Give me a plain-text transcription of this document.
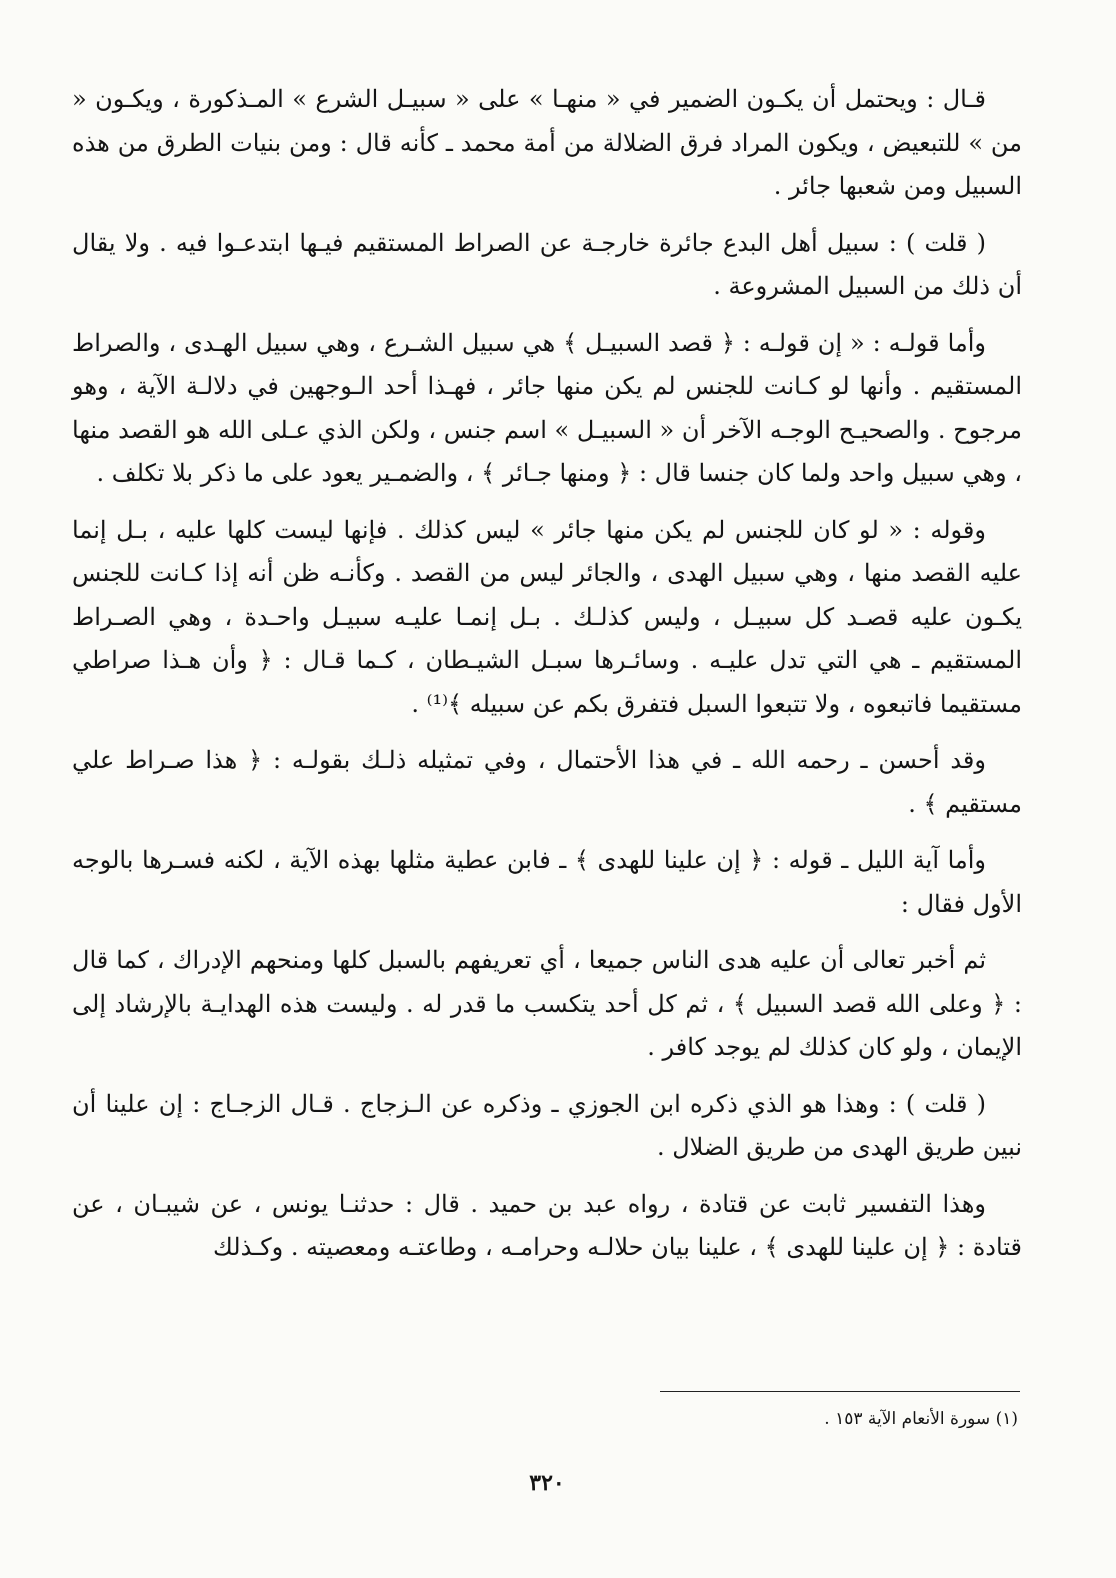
قـال : ويحتمل أن يكـون الضمير في « منهـا » على « سبيـل الشرع » المـذكورة ، ويكـون « من » للتبعيض ، ويكون المراد فرق الضلالة من أمة محمد ـ كأنه قال : ومن بنيات الطرق من هذه السبيل ومن شعبها جائر .

( قلت ) : سبيل أهل البدع جائرة خارجـة عن الصراط المستقيم فيـها ابتدعـوا فيه . ولا يقال أن ذلك من السبيل المشروعة .

وأما قولـه : « إن قولـه : ﴿ قصد السبيـل ﴾ هي سبيل الشـرع ، وهي سبيل الهـدى ، والصراط المستقيم . وأنها لو كـانت للجنس لم يكن منها جائر ، فهـذا أحد الـوجهين في دلالـة الآية ، وهو مرجوح . والصحيـح الوجـه الآخر أن « السبيـل » اسم جنس ، ولكن الذي عـلى الله هو القصد منها ، وهي سبيل واحد ولما كان جنسا قال : ﴿ ومنها جـائر ﴾ ، والضمـير يعود على ما ذكر بلا تكلف .

وقوله : « لو كان للجنس لم يكن منها جائر » ليس كذلك . فإنها ليست كلها عليه ، بـل إنما عليه القصد منها ، وهي سبيل الهدى ، والجائر ليس من القصد . وكأنـه ظن أنه إذا كـانت للجنس يكـون عليه قصـد كل سبيـل ، وليس كذلـك . بـل إنمـا عليـه سبيـل واحـدة ، وهي الصـراط المستقيم ـ هي التي تدل عليـه . وسائـرها سبـل الشيـطان ، كـما قـال : ﴿ وأن هـذا صراطي مستقيما فاتبعوه ، ولا تتبعوا السبل فتفرق بكم عن سبيله ﴾⁽¹⁾ .

وقد أحسن ـ رحمه الله ـ في هذا الأحتمال ، وفي تمثيله ذلـك بقولـه : ﴿ هذا صـراط علي مستقيم ﴾ .

وأما آية الليل ـ قوله : ﴿ إن علينا للهدى ﴾ ـ فابن عطية مثلها بهذه الآية ، لكنه فسـرها بالوجه الأول فقال :

ثم أخبر تعالى أن عليه هدى الناس جميعا ، أي تعريفهم بالسبل كلها ومنحهم الإدراك ، كما قال : ﴿ وعلى الله قصد السبيل ﴾ ، ثم كل أحد يتكسب ما قدر له . وليست هذه الهدايـة بالإرشاد إلى الإيمان ، ولو كان كذلك لم يوجد كافر .

( قلت ) : وهذا هو الذي ذكره ابن الجوزي ـ وذكره عن الـزجاج . قـال الزجـاج : إن علينا أن نبين طريق الهدى من طريق الضلال .

وهذا التفسير ثابت عن قتادة ، رواه عبد بن حميد . قال : حدثنـا يونس ، عن شيبـان ، عن قتادة : ﴿ إن علينا للهدى ﴾ ، علينا بيان حلالـه وحرامـه ، وطاعتـه ومعصيته . وكـذلك

(١) سورة الأنعام الآية ١٥٣ .
٣٢٠
